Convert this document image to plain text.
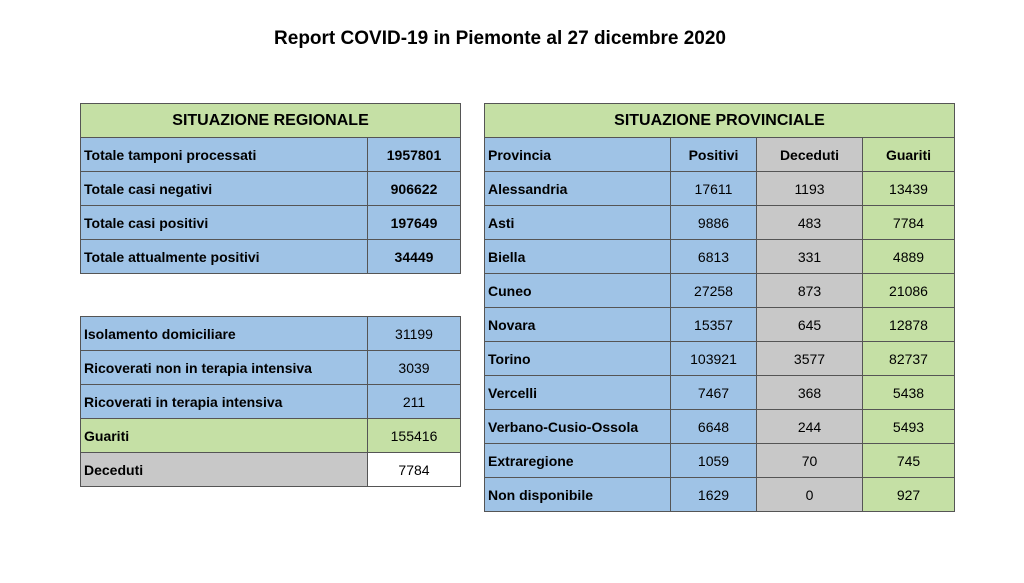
Report COVID-19 in Piemonte al 27 dicembre 2020
SITUAZIONE REGIONALE	
Totale tamponi processati	1957801
Totale casi negativi	906622
Totale casi positivi	197649
Totale attualmente positivi	34449
Isolamento domiciliare	31199
Ricoverati non in terapia intensiva	3039
Ricoverati in terapia intensiva	211
Guariti	155416
Deceduti	7784
SITUAZIONE PROVINCIALE			
Provincia	Positivi	Deceduti	Guariti
Alessandria	17611	1193	13439
Asti	9886	483	7784
Biella	6813	331	4889
Cuneo	27258	873	21086
Novara	15357	645	12878
Torino	103921	3577	82737
Vercelli	7467	368	5438
Verbano-Cusio-Ossola	6648	244	5493
Extraregione	1059	70	745
Non disponibile	1629	0	927
